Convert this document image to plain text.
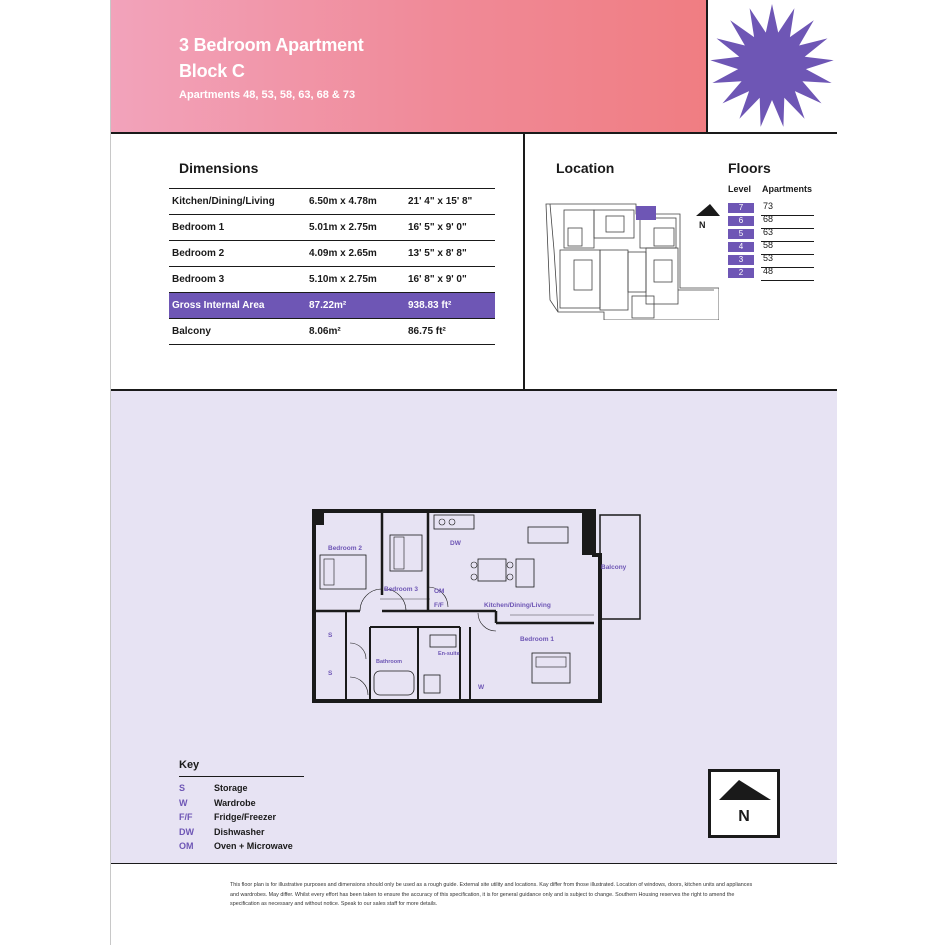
3 Bedroom Apartment
Block C
Apartments 48, 53, 58, 63, 68 & 73
Dimensions
Kitchen/Dining/Living	6.50m x 4.78m	21' 4" x 15' 8"
Bedroom 1	5.01m x 2.75m	16' 5" x 9' 0"
Bedroom 2	4.09m x 2.65m	13' 5" x 8' 8"
Bedroom 3	5.10m x 2.75m	16' 8" x 9' 0"
Gross Internal Area	87.22m²	938.83 ft²
Balcony	8.06m²	86.75 ft²
Location
N
Floors
Level Apartments
7	73
6	68
5	63
4	58
3	53
2	48
Bedroom 2
Bedroom 3
Bedroom 1
Kitchen/Dining/Living
Balcony
Bathroom
En-suite
DW
OM
F/F
S
S
W
Key
S	Storage
W	Wardrobe
F/F Fridge/Freezer
DW Dishwasher
OM Oven + Microwave
N
This floor plan is for illustrative purposes and dimensions should only be used as a rough guide. External site utility and locations. Kay differ from those illustrated. Location of windows, doors, kitchen units and appliances and wardrobes. May differ. Whilst every effort has been taken to ensure the accuracy of this specification, it is for general guidance only and is subject to change. Southern Housing reserves the right to amend the specification as necessary and without notice. Speak to our sales staff for more details.
